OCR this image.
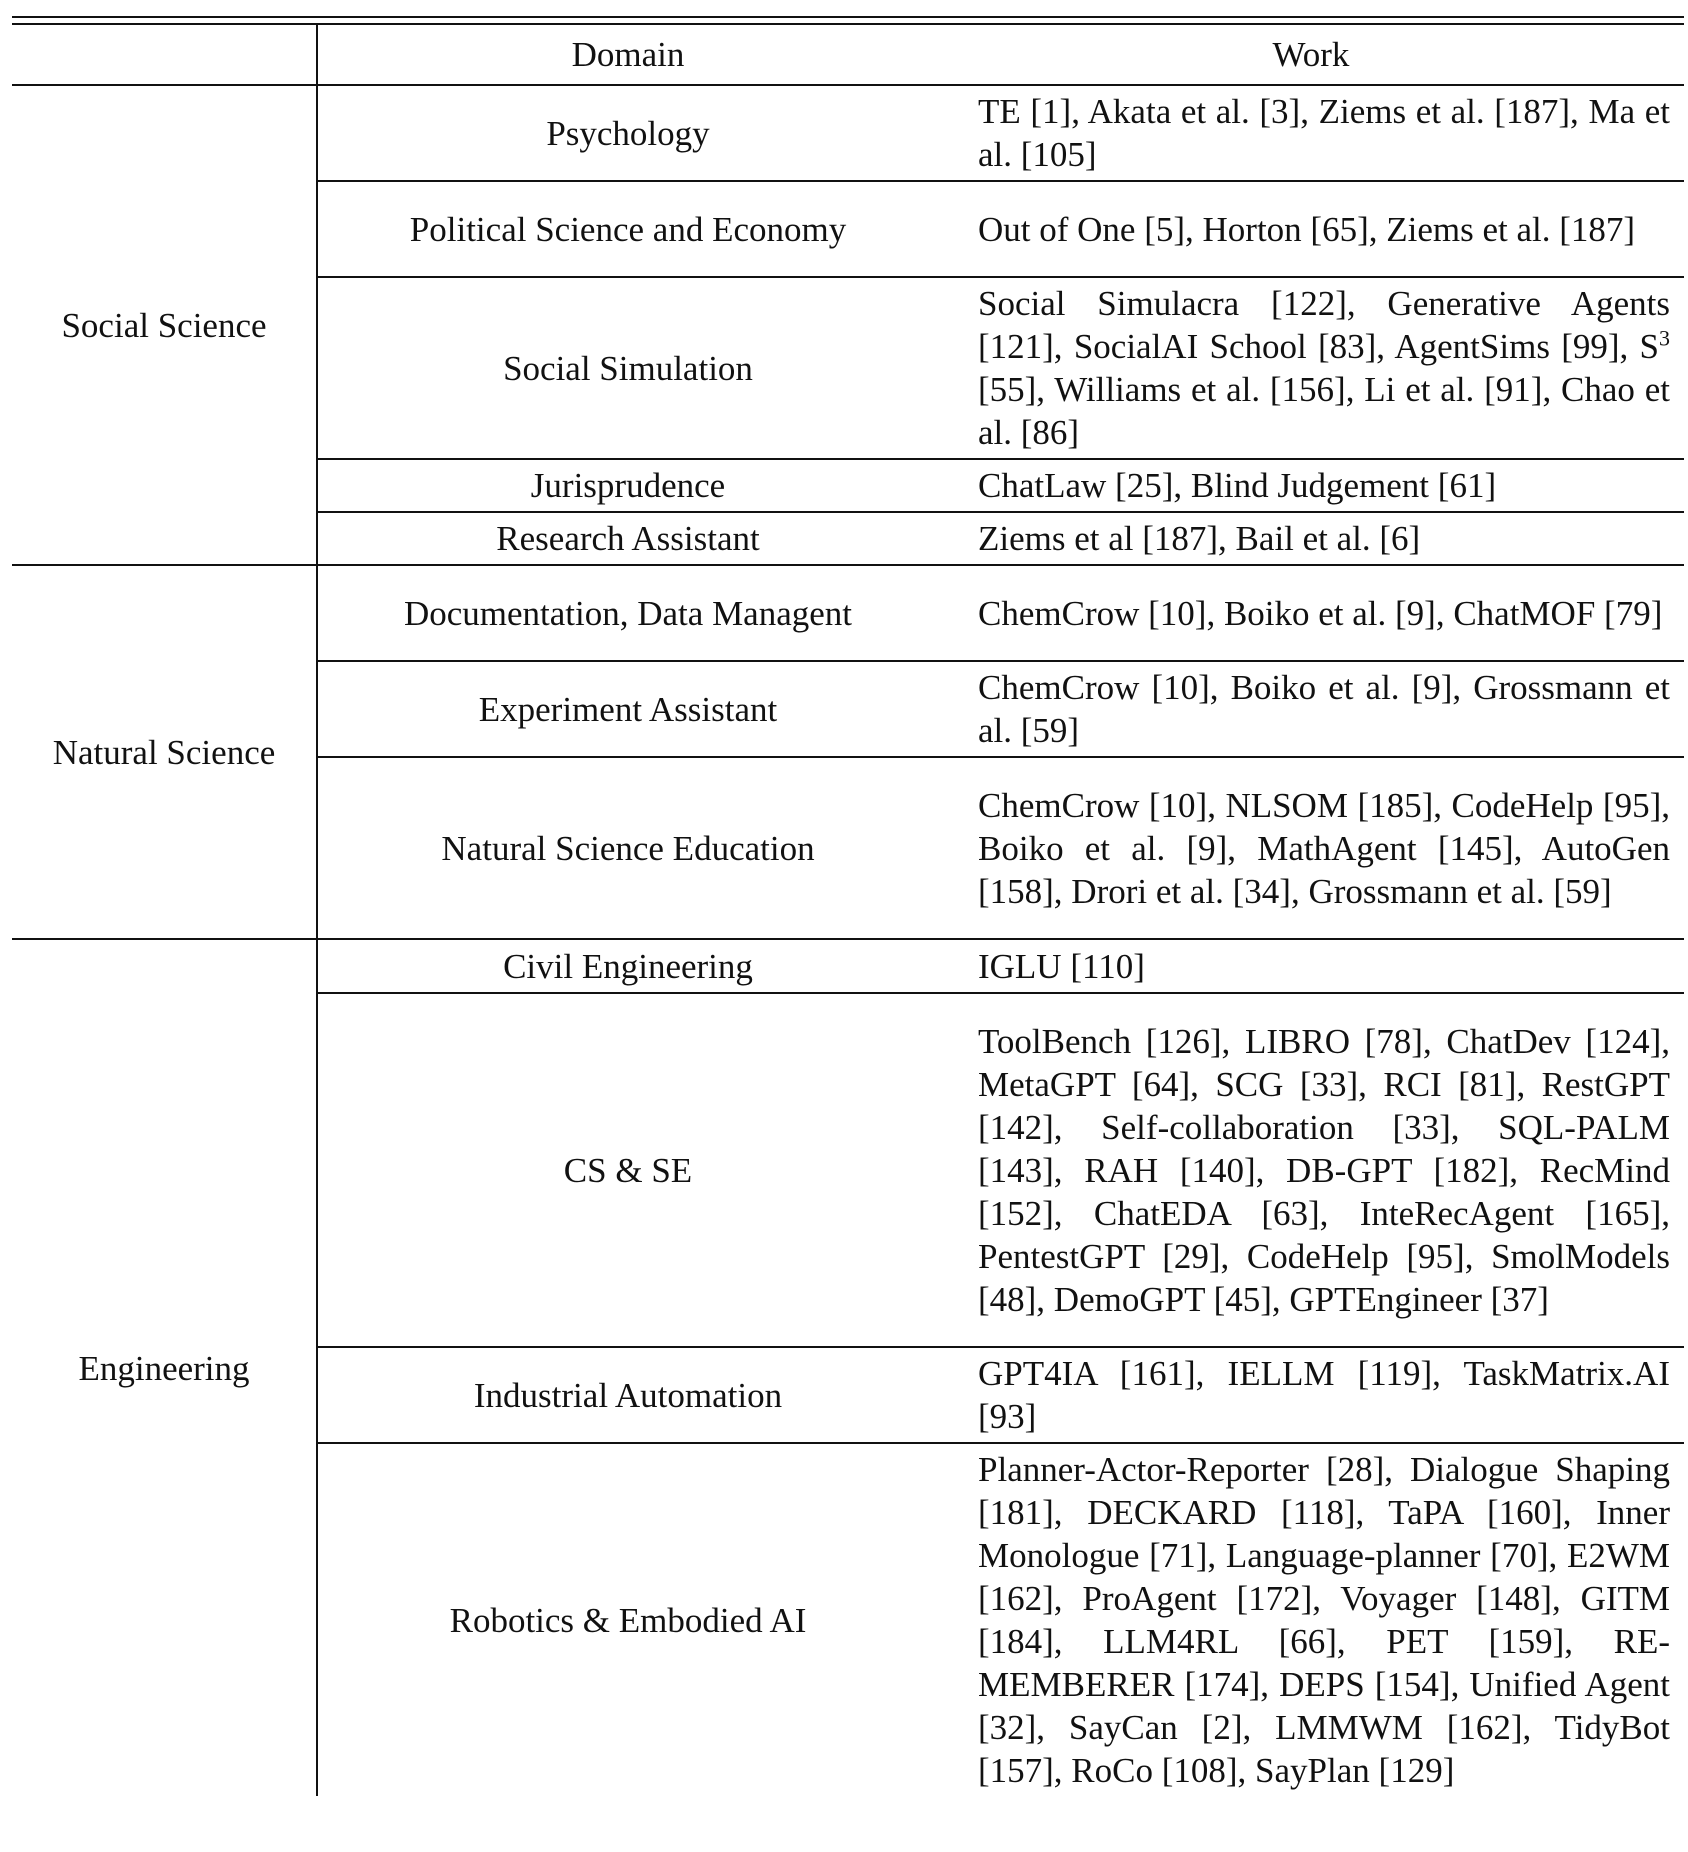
	Domain	Work
Social Science	Psychology	TE [1], Akata et al. [3], Ziems et al. [187], Ma et al. [105]
	Political Science and Economy	Out of One [5], Horton [65], Ziems et al. [187]
	Social Simulation	Social Simulacra [122], Generative Agents [121], SocialAI School [83], AgentSims [99], $S^3$ [55], Williams et al. [156], Li et al. [91], Chao et al. [86]
	Jurisprudence	ChatLaw [25], Blind Judgement [61]
	Research Assistant	Ziems et al [187], Bail et al. [6]
Natural Science	Documentation, Data Managent	ChemCrow [10], Boiko et al. [9], ChatMOF [79]
	Experiment Assistant	ChemCrow [10], Boiko et al. [9], Grossmann et al. [59]
	Natural Science Education	ChemCrow [10], NLSOM [185], CodeHelp [95], Boiko et al. [9], MathAgent [145], AutoGen [158], Drori et al. [34], Grossmann et al. [59]
Engineering	Civil Engineering	IGLU [110]
	CS & SE	ToolBench [126], LIBRO [78], ChatDev [124], MetaGPT [64], SCG [33], RCI [81], RestGPT [142], Self-collaboration [33], SQL-PALM [143], RAH [140], DB-GPT [182], RecMind [152], ChatEDA [63], InteRecAgent [165], PentestGPT [29], CodeHelp [95], SmolModels [48], DemoGPT [45], GPTEngineer [37]
	Industrial Automation	GPT4IA [161], IELLM [119], TaskMatrix.AI [93]
	Robotics & Embodied AI	Planner-Actor-Reporter [28], Dialogue Shaping [181], DECKARD [118], TaPA [160], Inner Monologue [71], Language-planner [70], E2WM [162], ProAgent [172], Voyager [148], GITM [184], LLM4RL [66], PET [159], REMEMBERER [174], DEPS [154], Unified Agent [32], SayCan [2], LMMWM [162], TidyBot [157], RoCo [108], SayPlan [129]
